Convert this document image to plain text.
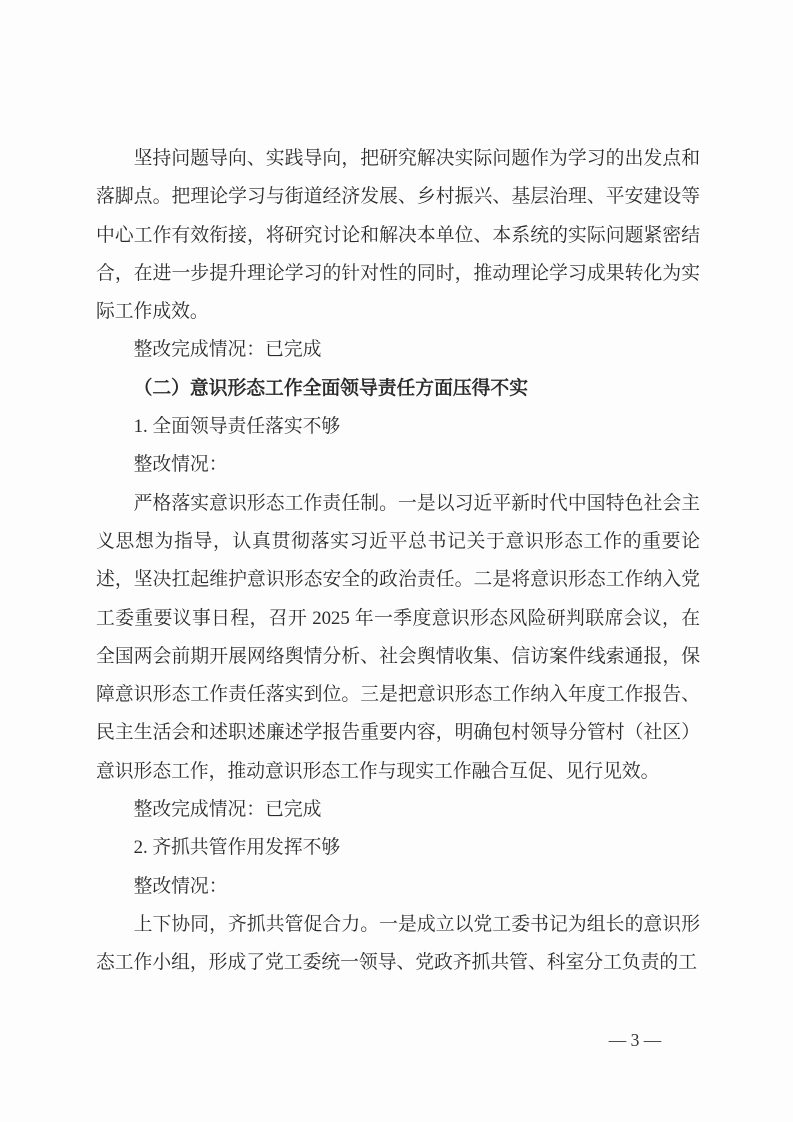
坚持问题导向、实践导向，把研究解决实际问题作为学习的出发点和落脚点。把理论学习与街道经济发展、乡村振兴、基层治理、平安建设等中心工作有效衔接，将研究讨论和解决本单位、本系统的实际问题紧密结合，在进一步提升理论学习的针对性的同时，推动理论学习成果转化为实际工作成效。

整改完成情况：已完成

（二）意识形态工作全面领导责任方面压得不实

1. 全面领导责任落实不够

整改情况：

严格落实意识形态工作责任制。一是以习近平新时代中国特色社会主义思想为指导，认真贯彻落实习近平总书记关于意识形态工作的重要论述，坚决扛起维护意识形态安全的政治责任。二是将意识形态工作纳入党工委重要议事日程，召开 2025 年一季度意识形态风险研判联席会议，在全国两会前期开展网络舆情分析、社会舆情收集、信访案件线索通报，保障意识形态工作责任落实到位。三是把意识形态工作纳入年度工作报告、民主生活会和述职述廉述学报告重要内容，明确包村领导分管村（社区）意识形态工作，推动意识形态工作与现实工作融合互促、见行见效。

整改完成情况：已完成

2. 齐抓共管作用发挥不够

整改情况：

上下协同，齐抓共管促合力。一是成立以党工委书记为组长的意识形态工作小组，形成了党工委统一领导、党政齐抓共管、科室分工负责的工

— 3 —
